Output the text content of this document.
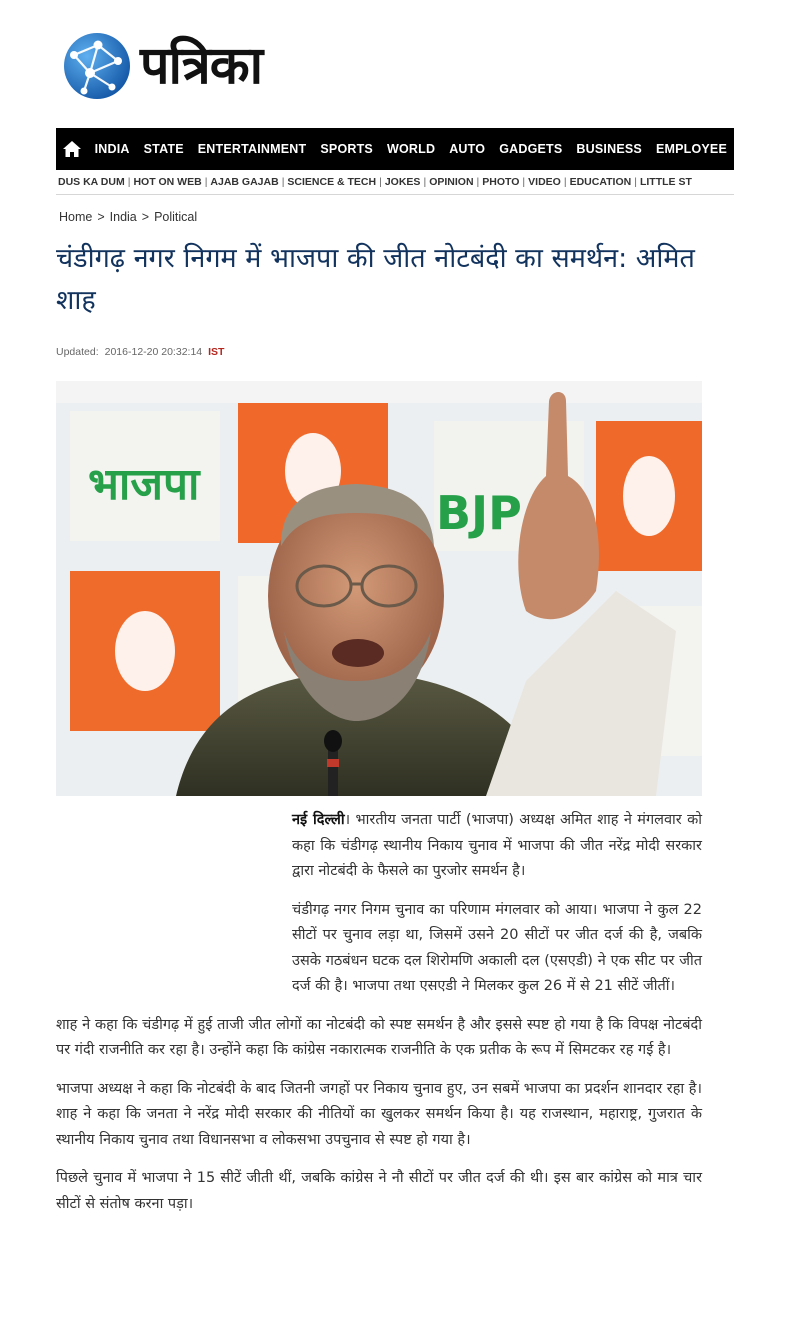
पत्रिका
INDIA	STATE	ENTERTAINMENT	SPORTS	WORLD	AUTO	GADGETS	BUSINESS	EMPLOYEE
DUS KA DUM | HOT ON WEB | AJAB GAJAB | SCIENCE & TECH | JOKES | OPINION | PHOTO | VIDEO | EDUCATION | LITTLE ST
Home > India > Political
चंडीगढ़ नगर निगम में भाजपा की जीत नोटबंदी का समर्थन: अमित शाह
Updated: 2016-12-20 20:32:14 IST
भाजपा
BJP

नई दिल्ली। भारतीय जनता पार्टी (भाजपा) अध्यक्ष अमित शाह ने मंगलवार को कहा कि चंडीगढ़ स्थानीय निकाय चुनाव में भाजपा की जीत नरेंद्र मोदी सरकार द्वारा नोटबंदी के फैसले का पुरजोर समर्थन है।

चंडीगढ़ नगर निगम चुनाव का परिणाम मंगलवार को आया। भाजपा ने कुल 22 सीटों पर चुनाव लड़ा था, जिसमें उसने 20 सीटों पर जीत दर्ज की है, जबकि उसके गठबंधन घटक दल शिरोमणि अकाली दल (एसएडी) ने एक सीट पर जीत दर्ज की है। भाजपा तथा एसएडी ने मिलकर कुल 26 में से 21 सीटें जीतीं।

शाह ने कहा कि चंडीगढ़ में हुई ताजी जीत लोगों का नोटबंदी को स्पष्ट समर्थन है और इससे स्पष्ट हो गया है कि विपक्ष नोटबंदी पर गंदी राजनीति कर रहा है। उन्होंने कहा कि कांग्रेस नकारात्मक राजनीति के एक प्रतीक के रूप में सिमटकर रह गई है।

भाजपा अध्यक्ष ने कहा कि नोटबंदी के बाद जितनी जगहों पर निकाय चुनाव हुए, उन सबमें भाजपा का प्रदर्शन शानदार रहा है। शाह ने कहा कि जनता ने नरेंद्र मोदी सरकार की नीतियों का खुलकर समर्थन किया है। यह राजस्थान, महाराष्ट्र, गुजरात के स्थानीय निकाय चुनाव तथा विधानसभा व लोकसभा उपचुनाव से स्पष्ट हो गया है।

पिछले चुनाव में भाजपा ने 15 सीटें जीती थीं, जबकि कांग्रेस ने नौ सीटों पर जीत दर्ज की थी। इस बार कांग्रेस को मात्र चार सीटों से संतोष करना पड़ा।
